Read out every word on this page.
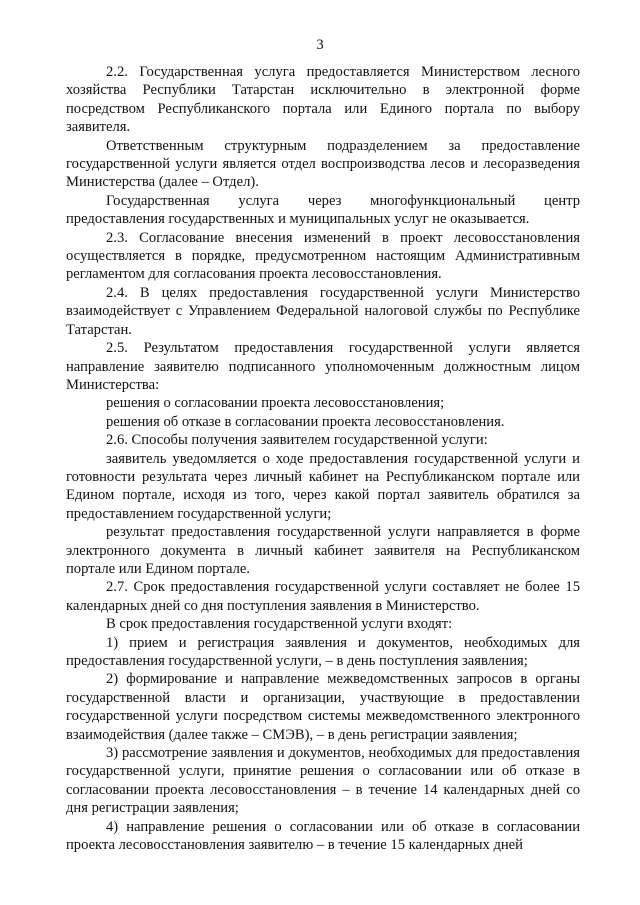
3

2.2. Государственная услуга предоставляется Министерством лесного хозяйства Республики Татарстан исключительно в электронной форме посредством Республиканского портала или Единого портала по выбору заявителя.

Ответственным структурным подразделением за предоставление государственной услуги является отдел воспроизводства лесов и лесоразведения Министерства (далее – Отдел).

Государственная услуга через многофункциональный центр предоставления государственных и муниципальных услуг не оказывается.

2.3. Согласование внесения изменений в проект лесовосстановления осуществляется в порядке, предусмотренном настоящим Административным регламентом для согласования проекта лесовосстановления.

2.4. В целях предоставления государственной услуги Министерство взаимодействует с Управлением Федеральной налоговой службы по Республике Татарстан.

2.5. Результатом предоставления государственной услуги является направление заявителю подписанного уполномоченным должностным лицом Министерства:

решения о согласовании проекта лесовосстановления;

решения об отказе в согласовании проекта лесовосстановления.

2.6. Способы получения заявителем государственной услуги:

заявитель уведомляется о ходе предоставления государственной услуги и готовности результата через личный кабинет на Республиканском портале или Едином портале, исходя из того, через какой портал заявитель обратился за предоставлением государственной услуги;

результат предоставления государственной услуги направляется в форме электронного документа в личный кабинет заявителя на Республиканском портале или Едином портале.

2.7. Срок предоставления государственной услуги составляет не более 15 календарных дней со дня поступления заявления в Министерство.

В срок предоставления государственной услуги входят:

1) прием и регистрация заявления и документов, необходимых для предоставления государственной услуги, – в день поступления заявления;

2) формирование и направление межведомственных запросов в органы государственной власти и организации, участвующие в предоставлении государственной услуги посредством системы межведомственного электронного взаимодействия (далее также – СМЭВ), – в день регистрации заявления;

3) рассмотрение заявления и документов, необходимых для предоставления государственной услуги, принятие решения о согласовании или об отказе в согласовании проекта лесовосстановления – в течение 14 календарных дней со дня регистрации заявления;

4) направление решения о согласовании или об отказе в согласовании проекта лесовосстановления заявителю – в течение 15 календарных дней
